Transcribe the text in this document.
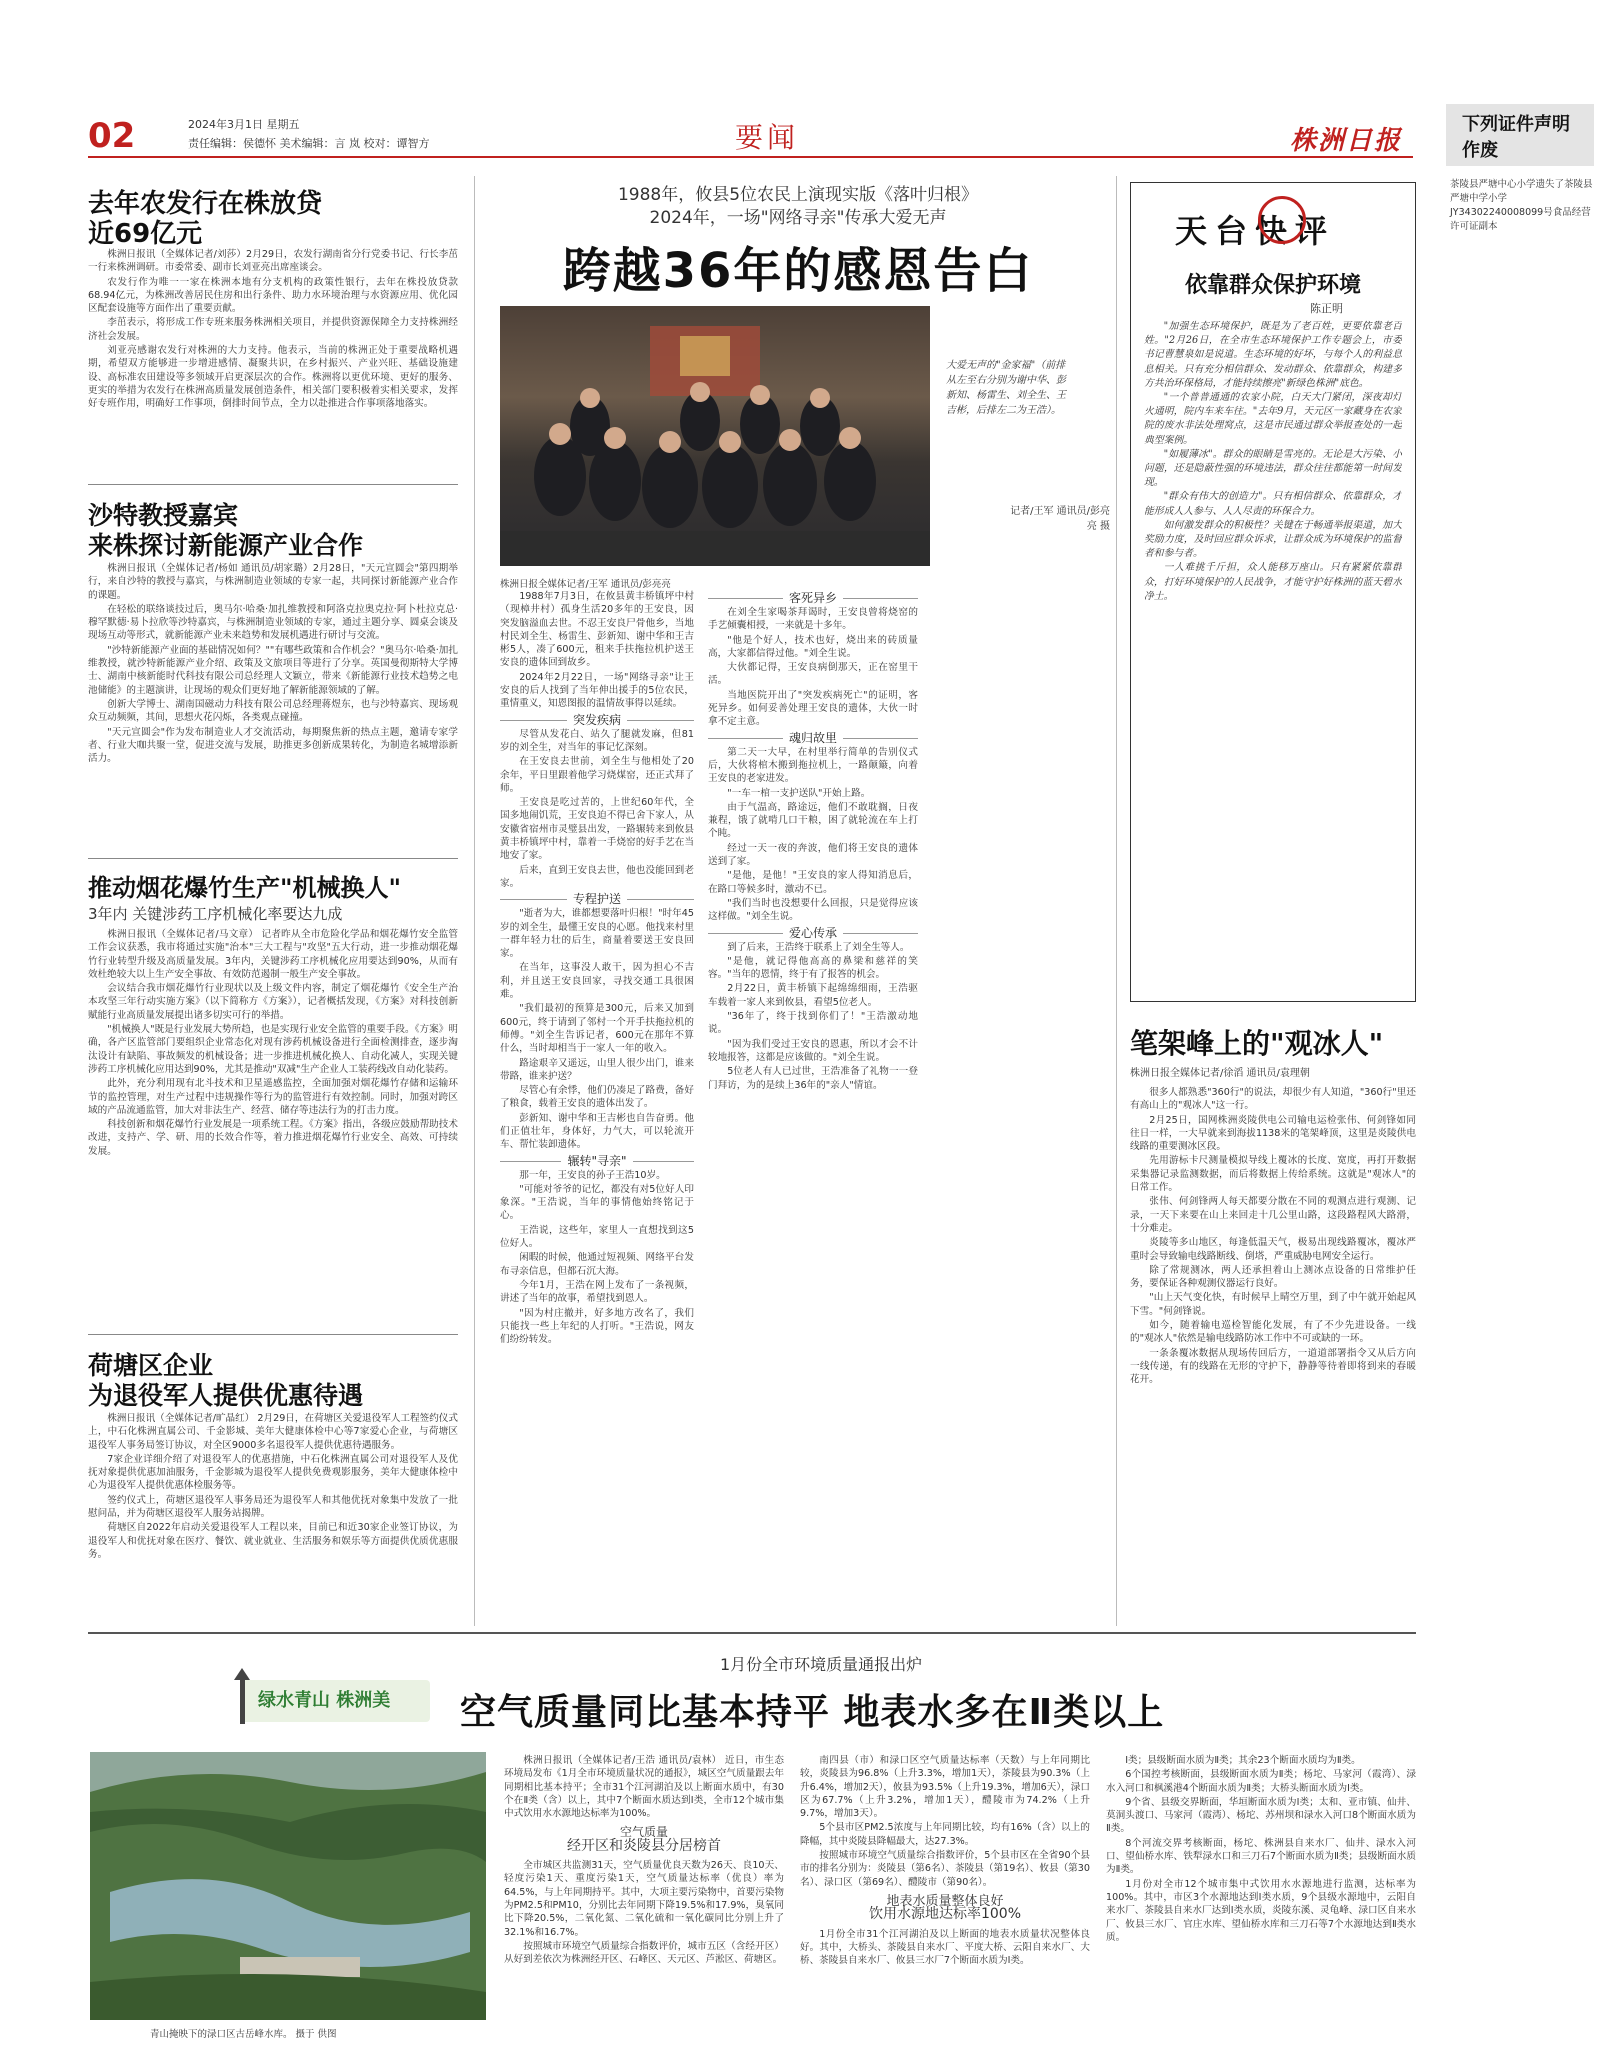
02	2024年3月1日 星期五
责任编辑：侯德怀 美术编辑：言 岚 校对：谭智方	要闻	株洲日报
下列证件声明作废
茶陵县严塘中心小学遗失了茶陵县严塘中学小学JY34302240008099号食品经营许可证副本
去年农发行在株放贷
近69亿元

株洲日报讯（全媒体记者/刘莎）2月29日，农发行湖南省分行党委书记、行长李茁一行来株洲调研。市委常委、副市长刘亚亮出席座谈会。

农发行作为唯一一家在株洲本地有分支机构的政策性银行，去年在株投放贷款68.94亿元，为株洲改善居民住房和出行条件、助力水环境治理与水资源应用、优化园区配套设施等方面作出了重要贡献。

李茁表示，将形成工作专班来服务株洲相关项目，并提供资源保障全力支持株洲经济社会发展。

刘亚亮感谢农发行对株洲的大力支持。他表示，当前的株洲正处于重要战略机遇期，希望双方能够进一步增进感情、凝聚共识，在乡村振兴、产业兴旺、基础设施建设、高标准农田建设等多领域开启更深层次的合作。株洲将以更优环境、更好的服务、更实的举措为农发行在株洲高质量发展创造条件，相关部门要积极着实相关要求，发挥好专班作用，明确好工作事项，倒排时间节点，全力以赴推进合作事项落地落实。

沙特教授嘉宾
来株探讨新能源产业合作

株洲日报讯（全媒体记者/杨如 通讯员/胡家璐）2月28日，"天元宣圆会"第四期举行，来自沙特的教授与嘉宾，与株洲制造业领域的专家一起，共同探讨新能源产业合作的课题。

在轻松的联络谈技过后，奥马尔·哈桑·加扎维教授和阿洛克拉奥克拉·阿卜杜拉克总·穆罕默德·易卜拉欣等沙特嘉宾，与株洲制造业领域的专家，通过主题分享、圆桌会谈及现场互动等形式，就新能源产业未来趋势和发展机遇进行研讨与交流。

"沙特新能源产业面的基础情况如何？""有哪些政策和合作机会？"奥马尔·哈桑·加扎维教授，就沙特新能源产业介绍、政策及文旅项目等进行了分享。英国曼彻斯特大学博士、湖南中核新能时代科技有限公司总经理人文颖立，带来《新能源行业技术趋势之电池储能》的主题演讲，让现场的观众们更好地了解新能源领域的了解。

创新大学博士、湖南国磁动力科技有限公司总经理蒋煜东，也与沙特嘉宾、现场观众互动频频，其间，思想火花闪烁，各类观点碰撞。

"天元宣圆会"作为发布制造业人才交流活动，每期聚焦新的热点主题，邀请专家学者、行业大咖共聚一堂，促进交流与发展，助推更多创新成果转化，为制造名城增添新活力。

推动烟花爆竹生产"机械换人"
3年内 关键涉药工序机械化率要达九成

株洲日报讯（全媒体记者/马文章） 记者昨从全市危险化学品和烟花爆竹安全监管工作会议获悉，我市将通过实施"治本"三大工程与"攻坚"五大行动，进一步推动烟花爆竹行业转型升级及高质量发展。3年内，关键涉药工序机械化应用要达到90%，从而有效杜绝较大以上生产安全事故、有效防范遏制一般生产安全事故。

会议结合我市烟花爆竹行业现状以及上级文件内容，制定了烟花爆竹《安全生产治本攻坚三年行动实施方案》（以下简称方《方案》），记者概括发现，《方案》对科技创新赋能行业高质量发展提出诸多切实可行的举措。

"机械换人"既是行业发展大势所趋，也是实现行业安全监管的重要手段。《方案》明确，各产区监管部门要组织企业常态化对现有涉药机械设备进行全面检测排查，逐步淘汰设计有缺陷、事故频发的机械设备；进一步推进机械化换人、自动化减人，实现关键涉药工序机械化应用达到90%，尤其是推动"双减"生产企业人工装药线改自动化装药。

此外，充分利用现有北斗技术和卫星遥感监控，全面加强对烟花爆竹存储和运输环节的监控管理，对生产过程中违规操作等行为的监管进行有效控制。同时，加强对跨区域的产品流通监管，加大对非法生产、经营、储存等违法行为的打击力度。

科技创新和烟花爆竹行业发展是一项系统工程。《方案》指出，各级应鼓励帮助技术改进，支持产、学、研、用的长效合作等，着力推进烟花爆竹行业安全、高效、可持续发展。

荷塘区企业
为退役军人提供优惠待遇

株洲日报讯（全媒体记者/旷晶红） 2月29日，在荷塘区关爱退役军人工程签约仪式上，中石化株洲直属公司、千金影城、美年大健康体检中心等7家爱心企业，与荷塘区退役军人事务局签订协议，对全区9000多名退役军人提供优惠待遇服务。

7家企业详细介绍了对退役军人的优惠措施，中石化株洲直属公司对退役军人及优抚对象提供优惠加油服务，千金影城为退役军人提供免费观影服务，美年大健康体检中心为退役军人提供优惠体检服务等。

签约仪式上，荷塘区退役军人事务局还为退役军人和其他优抚对象集中发放了一批慰问品，并为荷塘区退役军人服务站揭牌。

荷塘区自2022年启动关爱退役军人工程以来，目前已和近30家企业签订协议，为退役军人和优抚对象在医疗、餐饮、就业就业、生活服务和娱乐等方面提供优质优惠服务。

1988年，攸县5位农民上演现实版《落叶归根》
2024年，一场"网络寻亲"传承大爱无声
跨越36年的感恩告白
大爱无声的"金家福"（前排从左至右分别为谢中华、彭新知、杨雷生、刘全生、王吉彬，后排左二为王浩）。
记者/王军 通讯员/彭亮亮 摄
株洲日报全媒体记者/王军 通讯员/彭亮亮

1988年7月3日，在攸县黄丰桥镇坪中村（现樟井村）孤身生活20多年的王安良，因突发脑溢血去世。不忍王安良尸骨他乡，当地村民刘全生、杨雷生、彭新知、谢中华和王吉彬5人，凑了600元，租来手扶拖拉机护送王安良的遗体回到故乡。

2024年2月22日，一场"网络寻亲"让王安良的后人找到了当年伸出援手的5位农民，重情重义，知恩图报的温情故事得以延续。

突发疾病

尽管从发花白、站久了腿就发麻，但81岁的刘全生，对当年的事记忆深刻。

在王安良去世前，刘全生与他相处了20余年，平日里跟着他学习烧煤窑，还正式拜了师。

王安良是吃过苦的，上世纪60年代，全国多地闹饥荒，王安良迫不得已舍下家人，从安徽省宿州市灵璧县出发，一路辗转来到攸县黄丰桥镇坪中村，靠着一手烧窑的好手艺在当地安了家。

后来，直到王安良去世，他也没能回到老家。

专程护送

"逝者为大，谁都想要落叶归根！"时年45岁的刘全生，最懂王安良的心愿。他找来村里一群年轻力壮的后生，商量着要送王安良回家。

在当年，这事没人敢干，因为担心不吉利，并且送王安良回家，寻找交通工具很困难。

"我们最初的预算是300元，后来又加到600元，终于请到了邻村一个开手扶拖拉机的师傅。"刘全生告诉记者，600元在那年不算什么，当时却相当于一家人一年的收入。

路途艰辛又遥远，山里人很少出门，谁来带路，谁来护送？

尽管心有余悸，他们仍凑足了路费，备好了粮食，载着王安良的遗体出发了。

彭新知、谢中华和王吉彬也自告奋勇。他们正值壮年，身体好，力气大，可以轮流开车、帮忙装卸遗体。

辗转"寻亲"

那一年，王安良的孙子王浩10岁。

"可能对爷爷的记忆，都没有对5位好人印象深。"王浩说，当年的事情他始终铭记于心。

王浩说，这些年，家里人一直想找到这5位好人。

闲暇的时候，他通过短视频、网络平台发布寻亲信息，但都石沉大海。

今年1月，王浩在网上发布了一条视频，讲述了当年的故事，希望找到恩人。

"因为村庄撤并，好多地方改名了，我们只能找一些上年纪的人打听。"王浩说，网友们纷纷转发。

客死异乡

在刘全生家喝茶拜谒时，王安良曾将烧窑的手艺倾囊相授，一来就是十多年。

"他是个好人，技术也好，烧出来的砖质量高，大家都信得过他。"刘全生说。

大伙都记得，王安良病倒那天，正在窑里干活。

当地医院开出了"突发疾病死亡"的证明，客死异乡。如何妥善处理王安良的遗体，大伙一时拿不定主意。

魂归故里

第二天一大早，在村里举行简单的告别仪式后，大伙将棺木搬到拖拉机上，一路颠簸，向着王安良的老家进发。

"一车一棺一支护送队"开始上路。

由于气温高，路途远，他们不敢耽搁，日夜兼程，饿了就啃几口干粮，困了就轮流在车上打个盹。

经过一天一夜的奔波，他们将王安良的遗体送到了家。

"是他，是他！"王安良的家人得知消息后，在路口等候多时，激动不已。

"我们当时也没想要什么回报，只是觉得应该这样做。"刘全生说。

爱心传承

到了后来，王浩终于联系上了刘全生等人。

"是他，就记得他高高的鼻梁和慈祥的笑容。"当年的恩情，终于有了报答的机会。

2月22日，黄丰桥镇下起绵绵细雨，王浩驱车载着一家人来到攸县，看望5位老人。

"36年了，终于找到你们了！"王浩激动地说。

"因为我们受过王安良的恩惠，所以才会不计较地报答，这都是应该做的。"刘全生说。

5位老人有人已过世，王浩准备了礼物一一登门拜访，为的是续上36年的"亲人"情谊。

天台快评
依靠群众保护环境
陈正明

"加强生态环境保护，既是为了老百姓，更要依靠老百姓。"2月26日，在全市生态环境保护工作专题会上，市委书记曹慧泉如是说道。生态环境的好坏，与每个人的利益息息相关。只有充分相信群众、发动群众、依靠群众，构建多方共治环保格局，才能持续擦亮"新绿色株洲"底色。

"一个普普通通的农家小院，白天大门紧闭，深夜却灯火通明，院内车来车往。"去年9月，天元区一家藏身在农家院的废水非法处理窝点，这是市民通过群众举报查处的一起典型案例。

"如履薄冰"。群众的眼睛是雪亮的。无论是大污染、小问题，还是隐蔽性强的环境违法，群众往往都能第一时间发现。

"群众有伟大的创造力"。只有相信群众、依靠群众，才能形成人人参与、人人尽责的环保合力。

如何激发群众的积极性？关键在于畅通举报渠道，加大奖励力度，及时回应群众诉求，让群众成为环境保护的监督者和参与者。

一人难挑千斤担，众人能移万座山。只有紧紧依靠群众，打好环境保护的人民战争，才能守护好株洲的蓝天碧水净土。

笔架峰上的"观冰人"
株洲日报全媒体记者/徐滔 通讯员/袁理朝

很多人都熟悉"360行"的说法，却很少有人知道，"360行"里还有高山上的"观冰人"这一行。

2月25日，国网株洲炎陵供电公司输电运检张伟、何剑锋如同往日一样，一大早就来到海拔1138米的笔架峰顶，这里是炎陵供电线路的重要测冰区段。

先用游标卡尺测量模拟导线上覆冰的长度、宽度，再打开数据采集器记录监测数据，而后将数据上传给系统。这就是"观冰人"的日常工作。

张伟、何剑锋两人每天都要分散在不同的观测点进行观测、记录，一天下来要在山上来回走十几公里山路，这段路程风大路滑，十分难走。

炎陵等多山地区，每逢低温天气，极易出现线路覆冰，覆冰严重时会导致输电线路断线、倒塔，严重威胁电网安全运行。

除了常规测冰，两人还承担着山上测冰点设备的日常维护任务，要保证各种观测仪器运行良好。

"山上天气变化快，有时候早上晴空万里，到了中午就开始起风下雪。"何剑锋说。

如今，随着输电巡检智能化发展，有了不少先进设备。一线的"观冰人"依然是输电线路防冰工作中不可或缺的一环。

一条条覆冰数据从现场传回后方，一道道部署指令又从后方向一线传递，有的线路在无形的守护下，静静等待着即将到来的春暖花开。

绿水青山 株洲美
1月份全市环境质量通报出炉
空气质量同比基本持平 地表水多在Ⅱ类以上
青山掩映下的渌口区古岳峰水库。 摄于 供图

株洲日报讯（全媒体记者/王浩 通讯员/袁林） 近日，市生态环境局发布《1月全市环境质量状况的通报》，城区空气质量跟去年同期相比基本持平；全市31个江河湖泊及以上断面水质中，有30个在Ⅱ类（含）以上，其中7个断面水质达到Ⅰ类，全市12个城市集中式饮用水水源地达标率为100%。

空气质量
经开区和炎陵县分居榜首

全市城区共监测31天，空气质量优良天数为26天、良10天、轻度污染1天、重度污染1天，空气质量达标率（优良）率为64.5%，与上年同期持平。其中，大项主要污染物中，首要污染物为PM2.5和PM10，分别比去年同期下降19.5%和17.9%，臭氧同比下降20.5%，二氧化氮、二氧化硫和一氧化碳同比分别上升了32.1%和16.7%。

按照城市环境空气质量综合指数评价，城市五区（含经开区）从好到差依次为株洲经开区、石峰区、天元区、芦淞区、荷塘区。

南四县（市）和渌口区空气质量达标率（天数）与上年同期比较，炎陵县为96.8%（上升3.3%，增加1天），茶陵县为90.3%（上升6.4%，增加2天），攸县为93.5%（上升19.3%，增加6天），渌口区为67.7%（上升3.2%，增加1天），醴陵市为74.2%（上升9.7%，增加3天）。

5个县市区PM2.5浓度与上年同期比较，均有16%（含）以上的降幅，其中炎陵县降幅最大，达27.3%。

按照城市环境空气质量综合指数评价，5个县市区在全省90个县市的排名分别为：炎陵县（第6名）、茶陵县（第19名）、攸县（第30名）、渌口区（第69名）、醴陵市（第90名）。

地表水质量整体良好
饮用水源地达标率100%

1月份全市31个江河湖泊及以上断面的地表水质量状况整体良好。其中，大桥头、茶陵县自来水厂、平度大桥、云阳自来水厂、大桥、茶陵县自来水厂、攸县三水厂7个断面水质为Ⅰ类。

Ⅰ类；县级断面水质为Ⅱ类；其余23个断面水质均为Ⅱ类。

6个国控考核断面，县级断面水质为Ⅱ类；杨坨、马家河（霞湾）、渌水入河口和枫溪港4个断面水质为Ⅱ类；大桥头断面水质为Ⅰ类。

9个省、县级交界断面，华垣断面水质为Ⅰ类；太和、亚市镇、仙井、莫洞头渡口、马家河（霞湾）、杨坨、苏州坝和渌水入河口8个断面水质为Ⅱ类。

8个河流交界考核断面，杨坨、株洲县自来水厂、仙井、渌水入河口、望仙桥水库、铁犁渌水口和三刀石7个断面水质为Ⅱ类；县级断面水质为Ⅱ类。

1月份对全市12个城市集中式饮用水水源地进行监测，达标率为100%。其中，市区3个水源地达到Ⅰ类水质，9个县级水源地中，云阳自来水厂、茶陵县自来水厂达到Ⅰ类水质，炎陵东溪、灵龟峰、渌口区自来水厂、攸县三水厂、官庄水库、望仙桥水库和三刀石等7个水源地达到Ⅱ类水质。
